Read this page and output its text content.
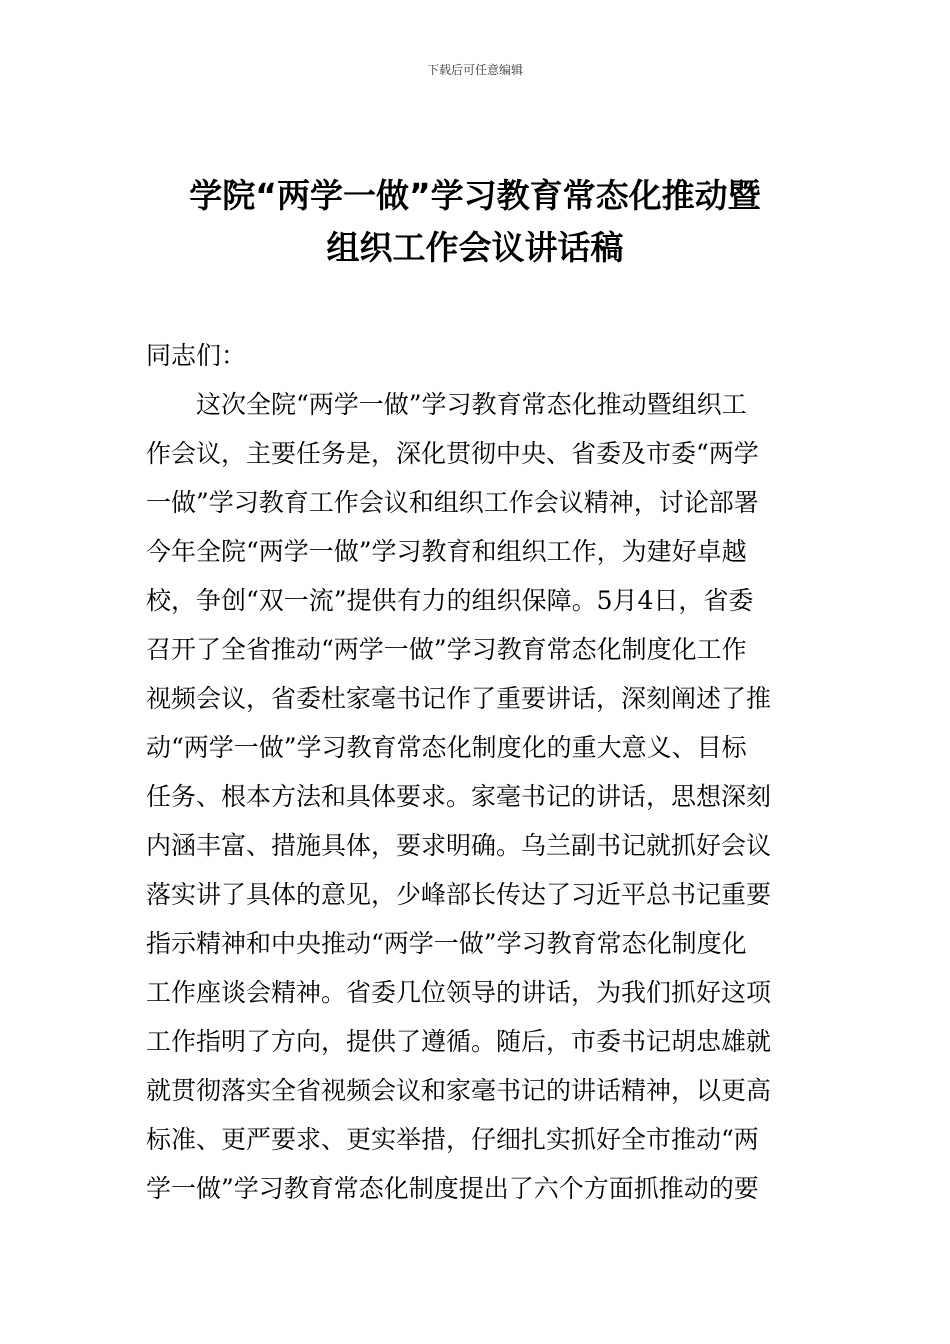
下载后可任意编辑
学院“两学一做”学习教育常态化推动暨
组织工作会议讲话稿

同志们：

这次全院“两学一做”学习教育常态化推动暨组织工

作会议，主要任务是，深化贯彻中央、省委及市委“两学

一做”学习教育工作会议和组织工作会议精神，讨论部署

今年全院“两学一做”学习教育和组织工作，为建好卓越

校，争创“双一流”提供有力的组织保障。5月4日，省委

召开了全省推动“两学一做”学习教育常态化制度化工作

视频会议，省委杜家毫书记作了重要讲话，深刻阐述了推

动“两学一做”学习教育常态化制度化的重大意义、目标

任务、根本方法和具体要求。家毫书记的讲话，思想深刻

内涵丰富、措施具体，要求明确。乌兰副书记就抓好会议

落实讲了具体的意见，少峰部长传达了习近平总书记重要

指示精神和中央推动“两学一做”学习教育常态化制度化

工作座谈会精神。省委几位领导的讲话，为我们抓好这项

工作指明了方向，提供了遵循。随后，市委书记胡忠雄就

就贯彻落实全省视频会议和家毫书记的讲话精神，以更高

标准、更严要求、更实举措，仔细扎实抓好全市推动“两

学一做”学习教育常态化制度提出了六个方面抓推动的要
